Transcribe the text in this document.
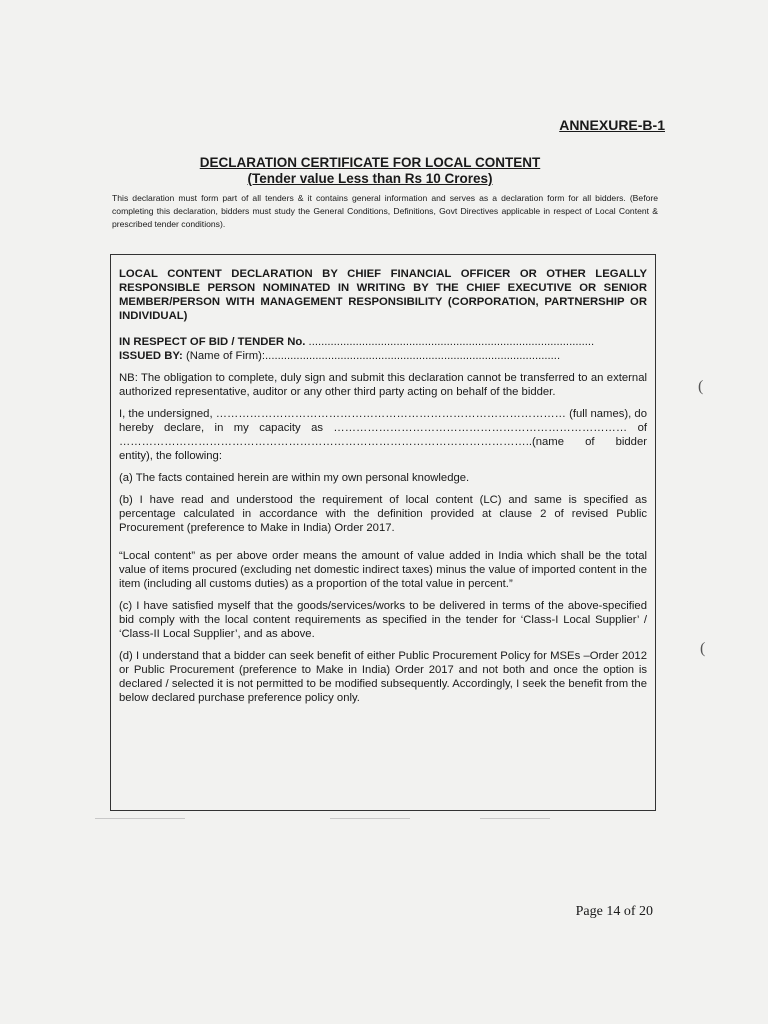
ANNEXURE-B-1
DECLARATION CERTIFICATE FOR LOCAL CONTENT
(Tender value Less than Rs 10 Crores)
This declaration must form part of all tenders & it contains general information and serves as a declaration form for all bidders. (Before completing this declaration, bidders must study the General Conditions, Definitions, Govt Directives applicable in respect of Local Content & prescribed tender conditions).

LOCAL CONTENT DECLARATION BY CHIEF FINANCIAL OFFICER OR OTHER LEGALLY RESPONSIBLE PERSON NOMINATED IN WRITING BY THE CHIEF EXECUTIVE OR SENIOR MEMBER/PERSON WITH MANAGEMENT RESPONSIBILITY (CORPORATION, PARTNERSHIP OR INDIVIDUAL)

IN RESPECT OF BID / TENDER No. ...........................................................................................

ISSUED BY: (Name of Firm):..............................................................................................

NB: The obligation to complete, duly sign and submit this declaration cannot be transferred to an external authorized representative, auditor or any other third party acting on behalf of the bidder.

I, the undersigned, ………………………………………………………………………………… (full names), do hereby declare, in my capacity as …………………………………………………………………… of ………………………………………………………………………………………………..(name of bidder entity), the following:

(a) The facts contained herein are within my own personal knowledge.

(b) I have read and understood the requirement of local content (LC) and same is specified as percentage calculated in accordance with the definition provided at clause 2 of revised Public Procurement (preference to Make in India) Order 2017.

“Local content” as per above order means the amount of value added in India which shall be the total value of items procured (excluding net domestic indirect taxes) minus the value of imported content in the item (including all customs duties) as a proportion of the total value in percent.”

(c) I have satisfied myself that the goods/services/works to be delivered in terms of the above-specified bid comply with the local content requirements as specified in the tender for ‘Class-I Local Supplier’ / ‘Class-II Local Supplier’, and as above.

(d) I understand that a bidder can seek benefit of either Public Procurement Policy for MSEs –Order 2012 or Public Procurement (preference to Make in India) Order 2017 and not both and once the option is declared / selected it is not permitted to be modified subsequently. Accordingly, I seek the benefit from the below declared purchase preference policy only.

(
(
Page 14 of 20
